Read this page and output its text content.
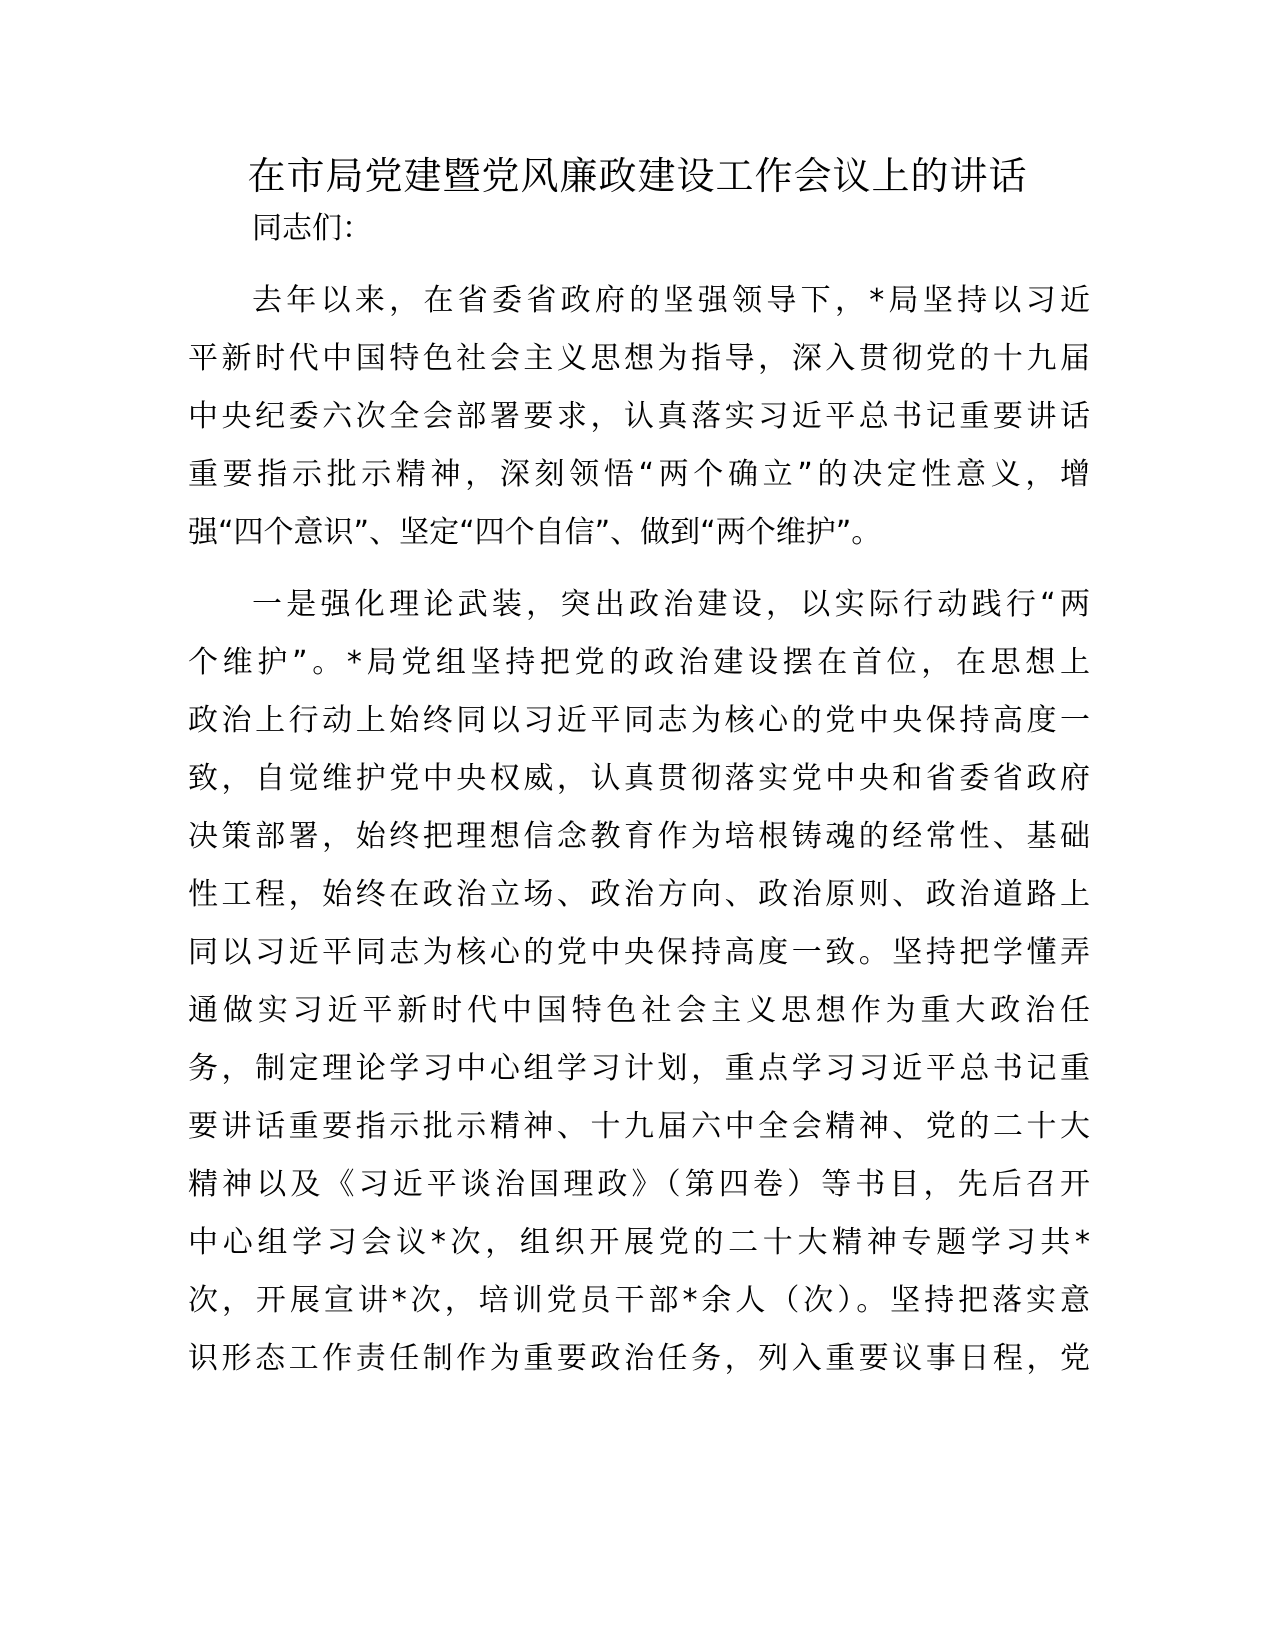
在市局党建暨党风廉政建设工作会议上的讲话
同志们：
去年以来，在省委省政府的坚强领导下，*局坚持以习近
平新时代中国特色社会主义思想为指导，深入贯彻党的十九届
中央纪委六次全会部署要求，认真落实习近平总书记重要讲话
重要指示批示精神，深刻领悟“两个确立”的决定性意义，增
强“四个意识”、坚定“四个自信”、做到“两个维护”。
一是强化理论武装，突出政治建设，以实际行动践行“两
个维护”。*局党组坚持把党的政治建设摆在首位，在思想上
政治上行动上始终同以习近平同志为核心的党中央保持高度一
致，自觉维护党中央权威，认真贯彻落实党中央和省委省政府
决策部署，始终把理想信念教育作为培根铸魂的经常性、基础
性工程，始终在政治立场、政治方向、政治原则、政治道路上
同以习近平同志为核心的党中央保持高度一致。坚持把学懂弄
通做实习近平新时代中国特色社会主义思想作为重大政治任
务，制定理论学习中心组学习计划，重点学习习近平总书记重
要讲话重要指示批示精神、十九届六中全会精神、党的二十大
精神以及《习近平谈治国理政》（第四卷）等书目，先后召开
中心组学习会议*次，组织开展党的二十大精神专题学习共*
次，开展宣讲*次，培训党员干部*余人（次）。坚持把落实意
识形态工作责任制作为重要政治任务，列入重要议事日程，党
